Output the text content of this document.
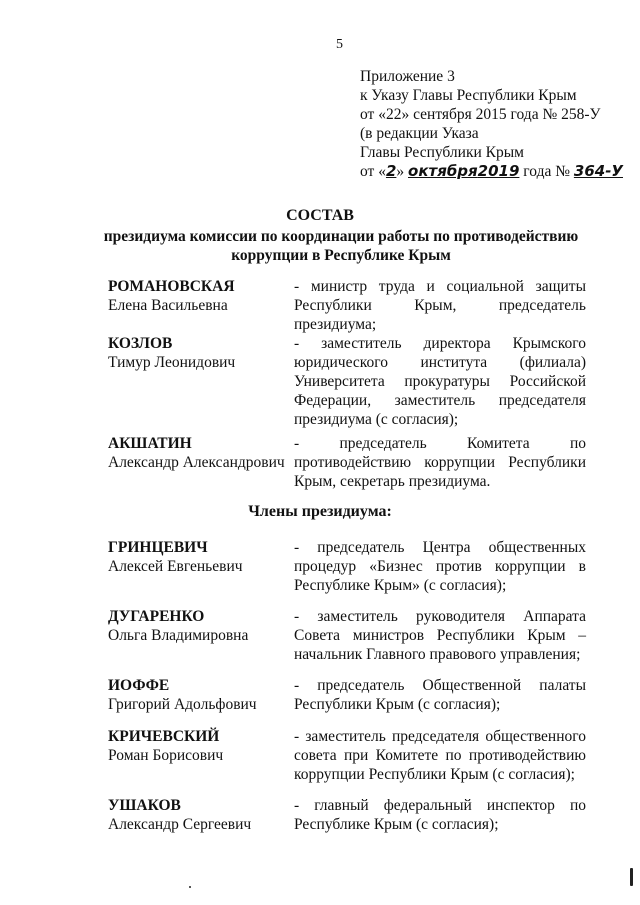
5
Приложение 3
к Указу Главы Республики Крым
от «22» сентября 2015 года № 258-У
(в редакции Указа
Главы Республики Крым
от «2» октября2019 года № 364-У
СОСТАВ
президиума комиссии по координации работы по противодействию коррупции в Республике Крым
РОМАНОВСКАЯ
Елена Васильевна
- министр труда и социальной защиты Республики Крым, председатель президиума;
КОЗЛОВ
Тимур Леонидович
- заместитель директора Крымского юридического института (филиала) Университета прокуратуры Российской Федерации, заместитель председателя президиума (с согласия);
АКШАТИН
Александр Александрович
- председатель Комитета по противодействию коррупции Республики Крым, секретарь президиума.
Члены президиума:
ГРИНЦЕВИЧ
Алексей Евгеньевич
- председатель Центра общественных процедур «Бизнес против коррупции в Республике Крым» (с согласия);
ДУГАРЕНКО
Ольга Владимировна
- заместитель руководителя Аппарата Совета министров Республики Крым – начальник Главного правового управления;
ИОФФЕ
Григорий Адольфович
- председатель Общественной палаты Республики Крым (с согласия);
КРИЧЕВСКИЙ
Роман Борисович
- заместитель председателя общественного совета при Комитете по противодействию коррупции Республики Крым (с согласия);
УШАКОВ
Александр Сергеевич
- главный федеральный инспектор по Республике Крым (с согласия);
